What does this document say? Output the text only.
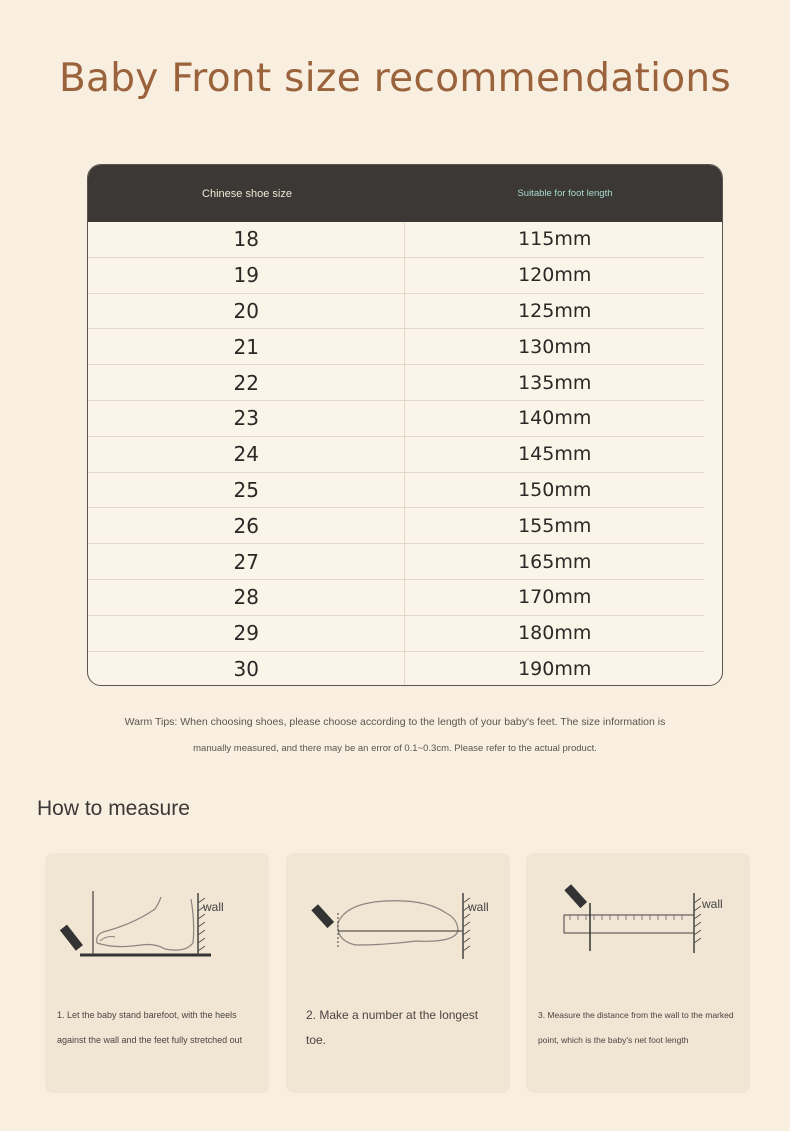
Baby Front size recommendations
Chinese shoe size	Suitable for foot length
18	115mm
19	120mm
20	125mm
21	130mm
22	135mm
23	140mm
24	145mm
25	150mm
26	155mm
27	165mm
28	170mm
29	180mm
30	190mm
Warm Tips: When choosing shoes, please choose according to the length of your baby's feet. The size information is
manually measured, and there may be an error of 0.1~0.3cm. Please refer to the actual product.
How to measure
wall
1. Let the baby stand barefoot, with the heels against the wall and the feet fully stretched out
wall
2. Make a number at the longest toe.
wall
3. Measure the distance from the wall to the marked point, which is the baby's net foot length
